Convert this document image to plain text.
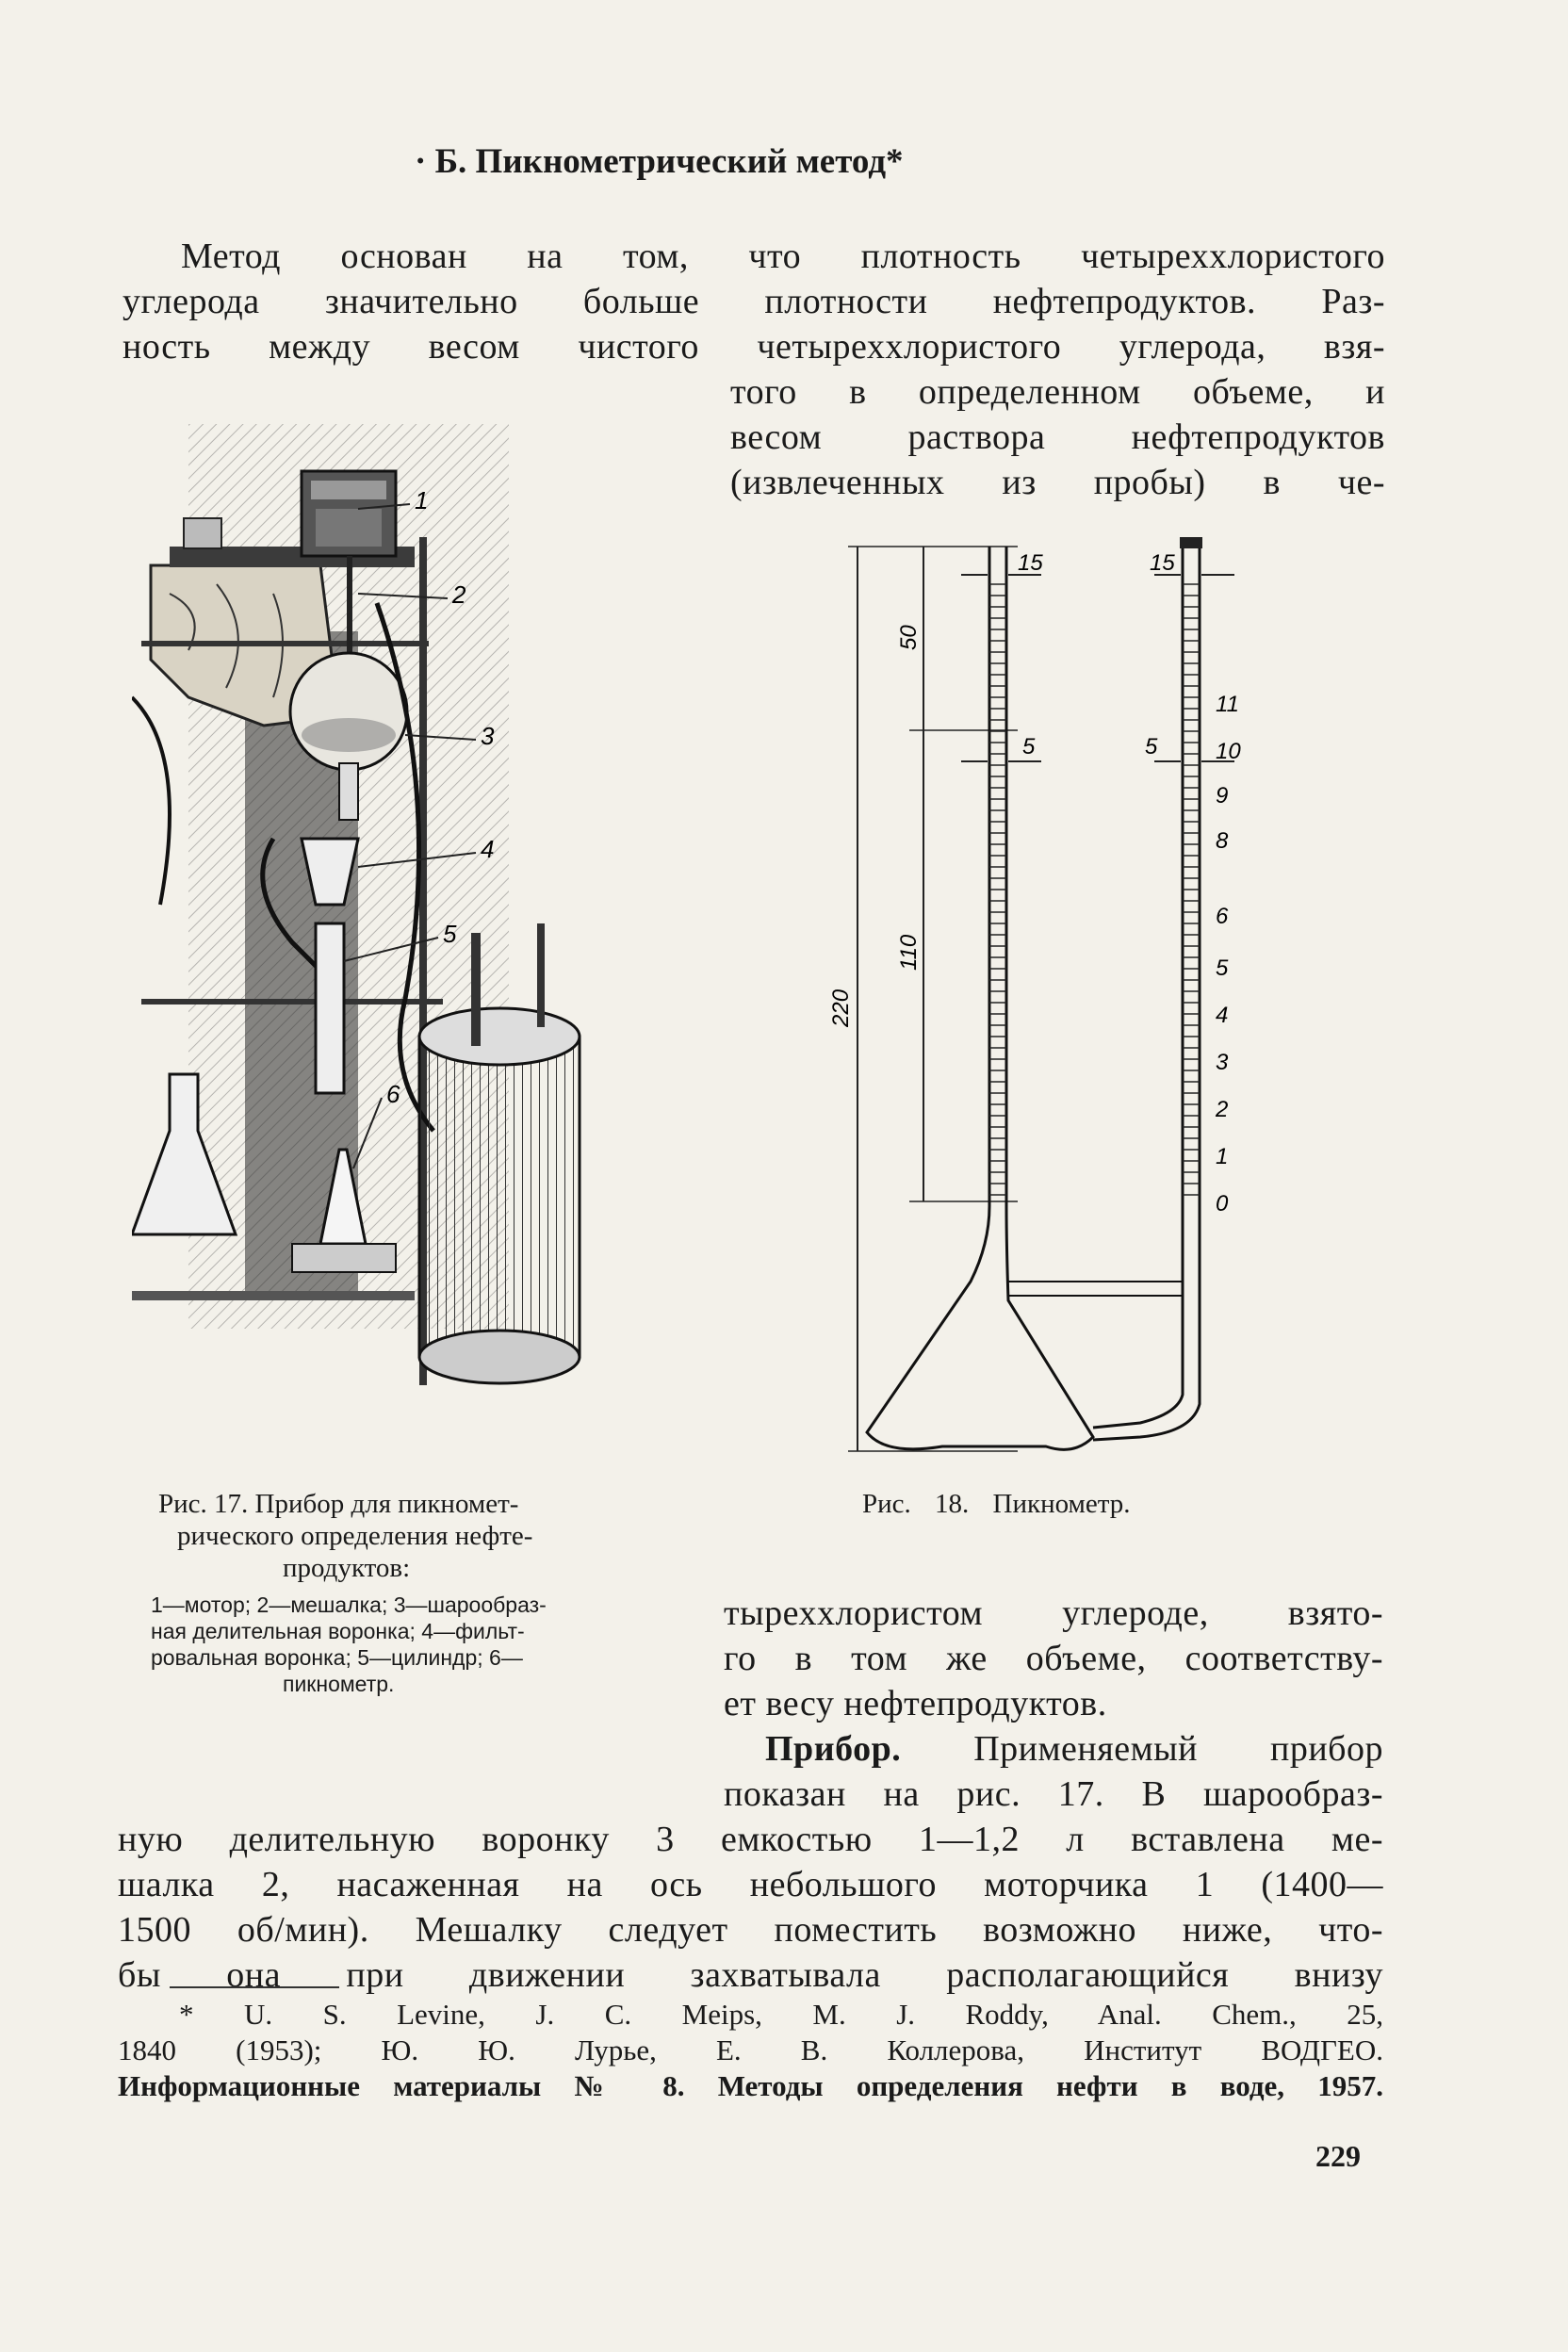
· Б. Пикнометрический метод*
Метод основан на том, что плотность четыреххлористого
углерода значительно больше плотности нефтепродуктов. Раз-
ность между весом чистого четыреххлористого углерода, взя-
того в определенном объеме, и
весом раствора нефтепродуктов
(извлеченных из пробы) в че-
1
2
3
4
5
6
220
50
110
15	15
5	5
11
10
9
8
6
5
4
3
2
1
0
Рис. 17. Прибор для пикномет-
рического определения нефте-
продуктов:
1—мотор; 2—мешалка; 3—шарообраз-
ная делительная воронка; 4—фильт-
ровальная воронка; 5—цилиндр; 6—
пикнометр.
Рис. 18. Пикнометр.
тыреххлористом углероде, взято-
го в том же объеме, соответству-
ет весу нефтепродуктов.
Прибор. Применяемый прибор
показан на рис. 17. В шарообраз-
ную делительную воронку 3 емкостью 1—1,2 л вставлена ме-
шалка 2, насаженная на ось небольшого моторчика 1 (1400—
1500 об/мин). Мешалку следует поместить возможно ниже, что-
бы она при движении захватывала располагающийся внизу
* U. S. Levine, J. C. Meips, M. J. Roddy, Anal. Chem., 25,
1840 (1953); Ю. Ю. Лурье, Е. В. Коллерова, Институт ВОДГЕО.
Информационные материалы № 8. Методы определения нефти в воде, 1957.
229
